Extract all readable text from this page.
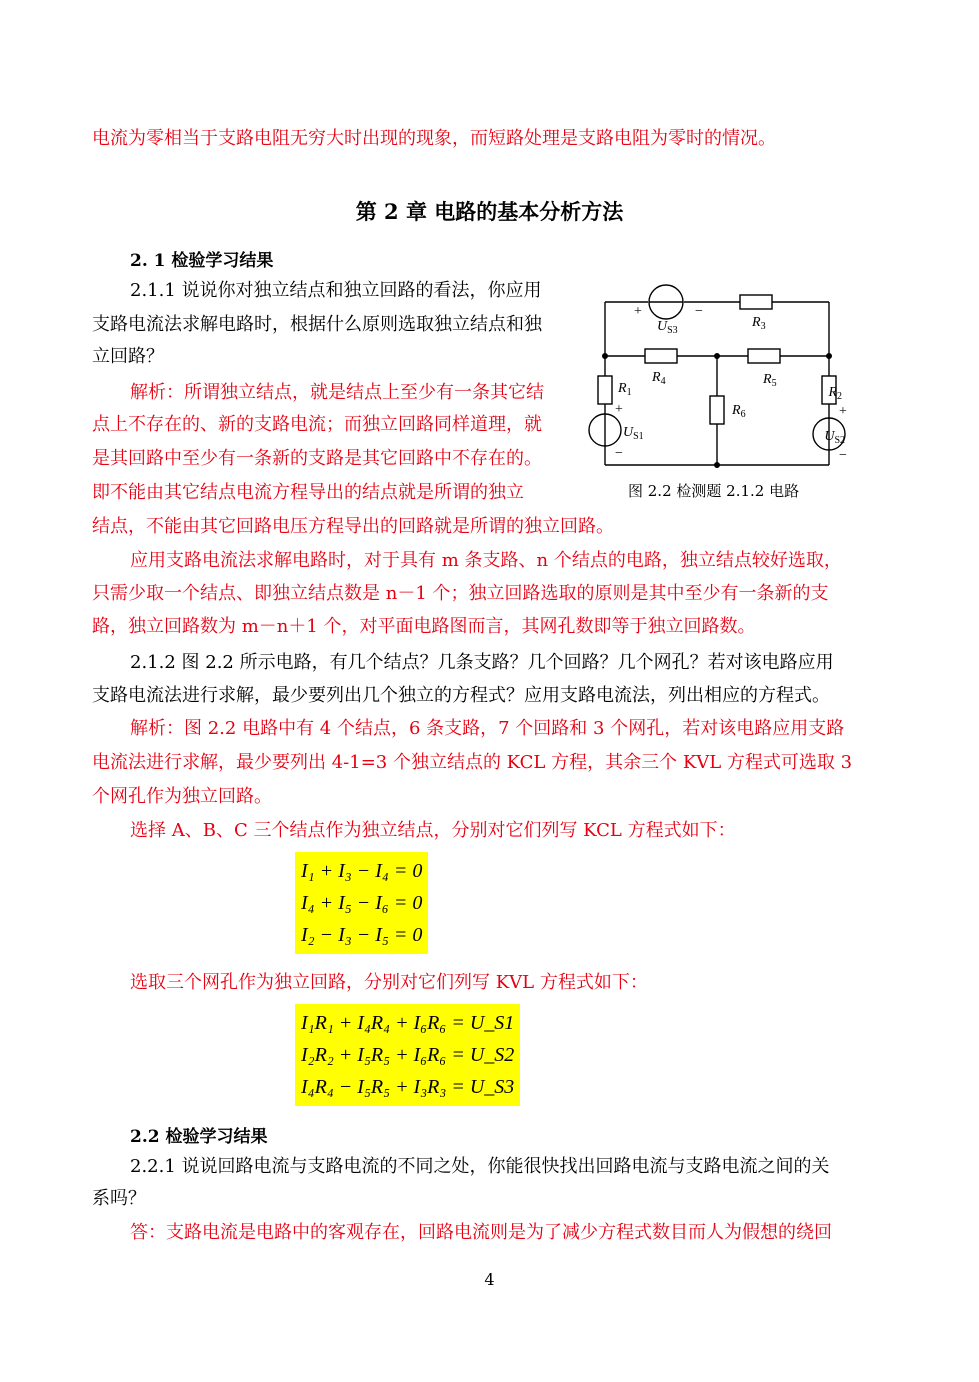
电流为零相当于支路电阻无穷大时出现的现象，而短路处理是支路电阻为零时的情况。
第 2 章 电路的基本分析方法
2. 1 检验学习结果
2.1.1 说说你对独立结点和独立回路的看法，你应用
支路电流法求解电路时，根据什么原则选取独立结点和独
立回路？
解析：所谓独立结点，就是结点上至少有一条其它结
点上不存在的、新的支路电流；而独立回路同样道理，就
是其回路中至少有一条新的支路是其它回路中不存在的。
即不能由其它结点电流方程导出的结点就是所谓的独立
结点，不能由其它回路电压方程导出的回路就是所谓的独立回路。
+	−
$U_{S3}$
$R_3$
$R_4$	$R_5$
$R_1$
$R_6$
$R_2$
+
−
$U_{S1}$
+
−
$U_{S2}$
图 2.2 检测题 2.1.2 电路
应用支路电流法求解电路时，对于具有 m 条支路、n 个结点的电路，独立结点较好选取，
只需少取一个结点、即独立结点数是 n－1 个；独立回路选取的原则是其中至少有一条新的支
路，独立回路数为 m－n＋1 个，对平面电路图而言，其网孔数即等于独立回路数。
2.1.2 图 2.2 所示电路，有几个结点？几条支路？几个回路？几个网孔？若对该电路应用
支路电流法进行求解，最少要列出几个独立的方程式？应用支路电流法，列出相应的方程式。
解析：图 2.2 电路中有 4 个结点，6 条支路，7 个回路和 3 个网孔，若对该电路应用支路
电流法进行求解，最少要列出 4-1=3 个独立结点的 KCL 方程，其余三个 KVL 方程式可选取 3
个网孔作为独立回路。
选择 A、B、C 三个结点作为独立结点，分别对它们列写 KCL 方程式如下：
I₁ + I₃ − I₄ = 0
I₄ + I₅ − I₆ = 0
I₂ − I₃ − I₅ = 0
选取三个网孔作为独立回路，分别对它们列写 KVL 方程式如下：
I₁R₁ + I₄R₄ + I₆R₆ = U_S1
I₂R₂ + I₅R₅ + I₆R₆ = U_S2
I₄R₄ − I₅R₅ + I₃R₃ = U_S3
2.2 检验学习结果
2.2.1 说说回路电流与支路电流的不同之处，你能很快找出回路电流与支路电流之间的关
系吗？
答：支路电流是电路中的客观存在，回路电流则是为了减少方程式数目而人为假想的绕回
4
